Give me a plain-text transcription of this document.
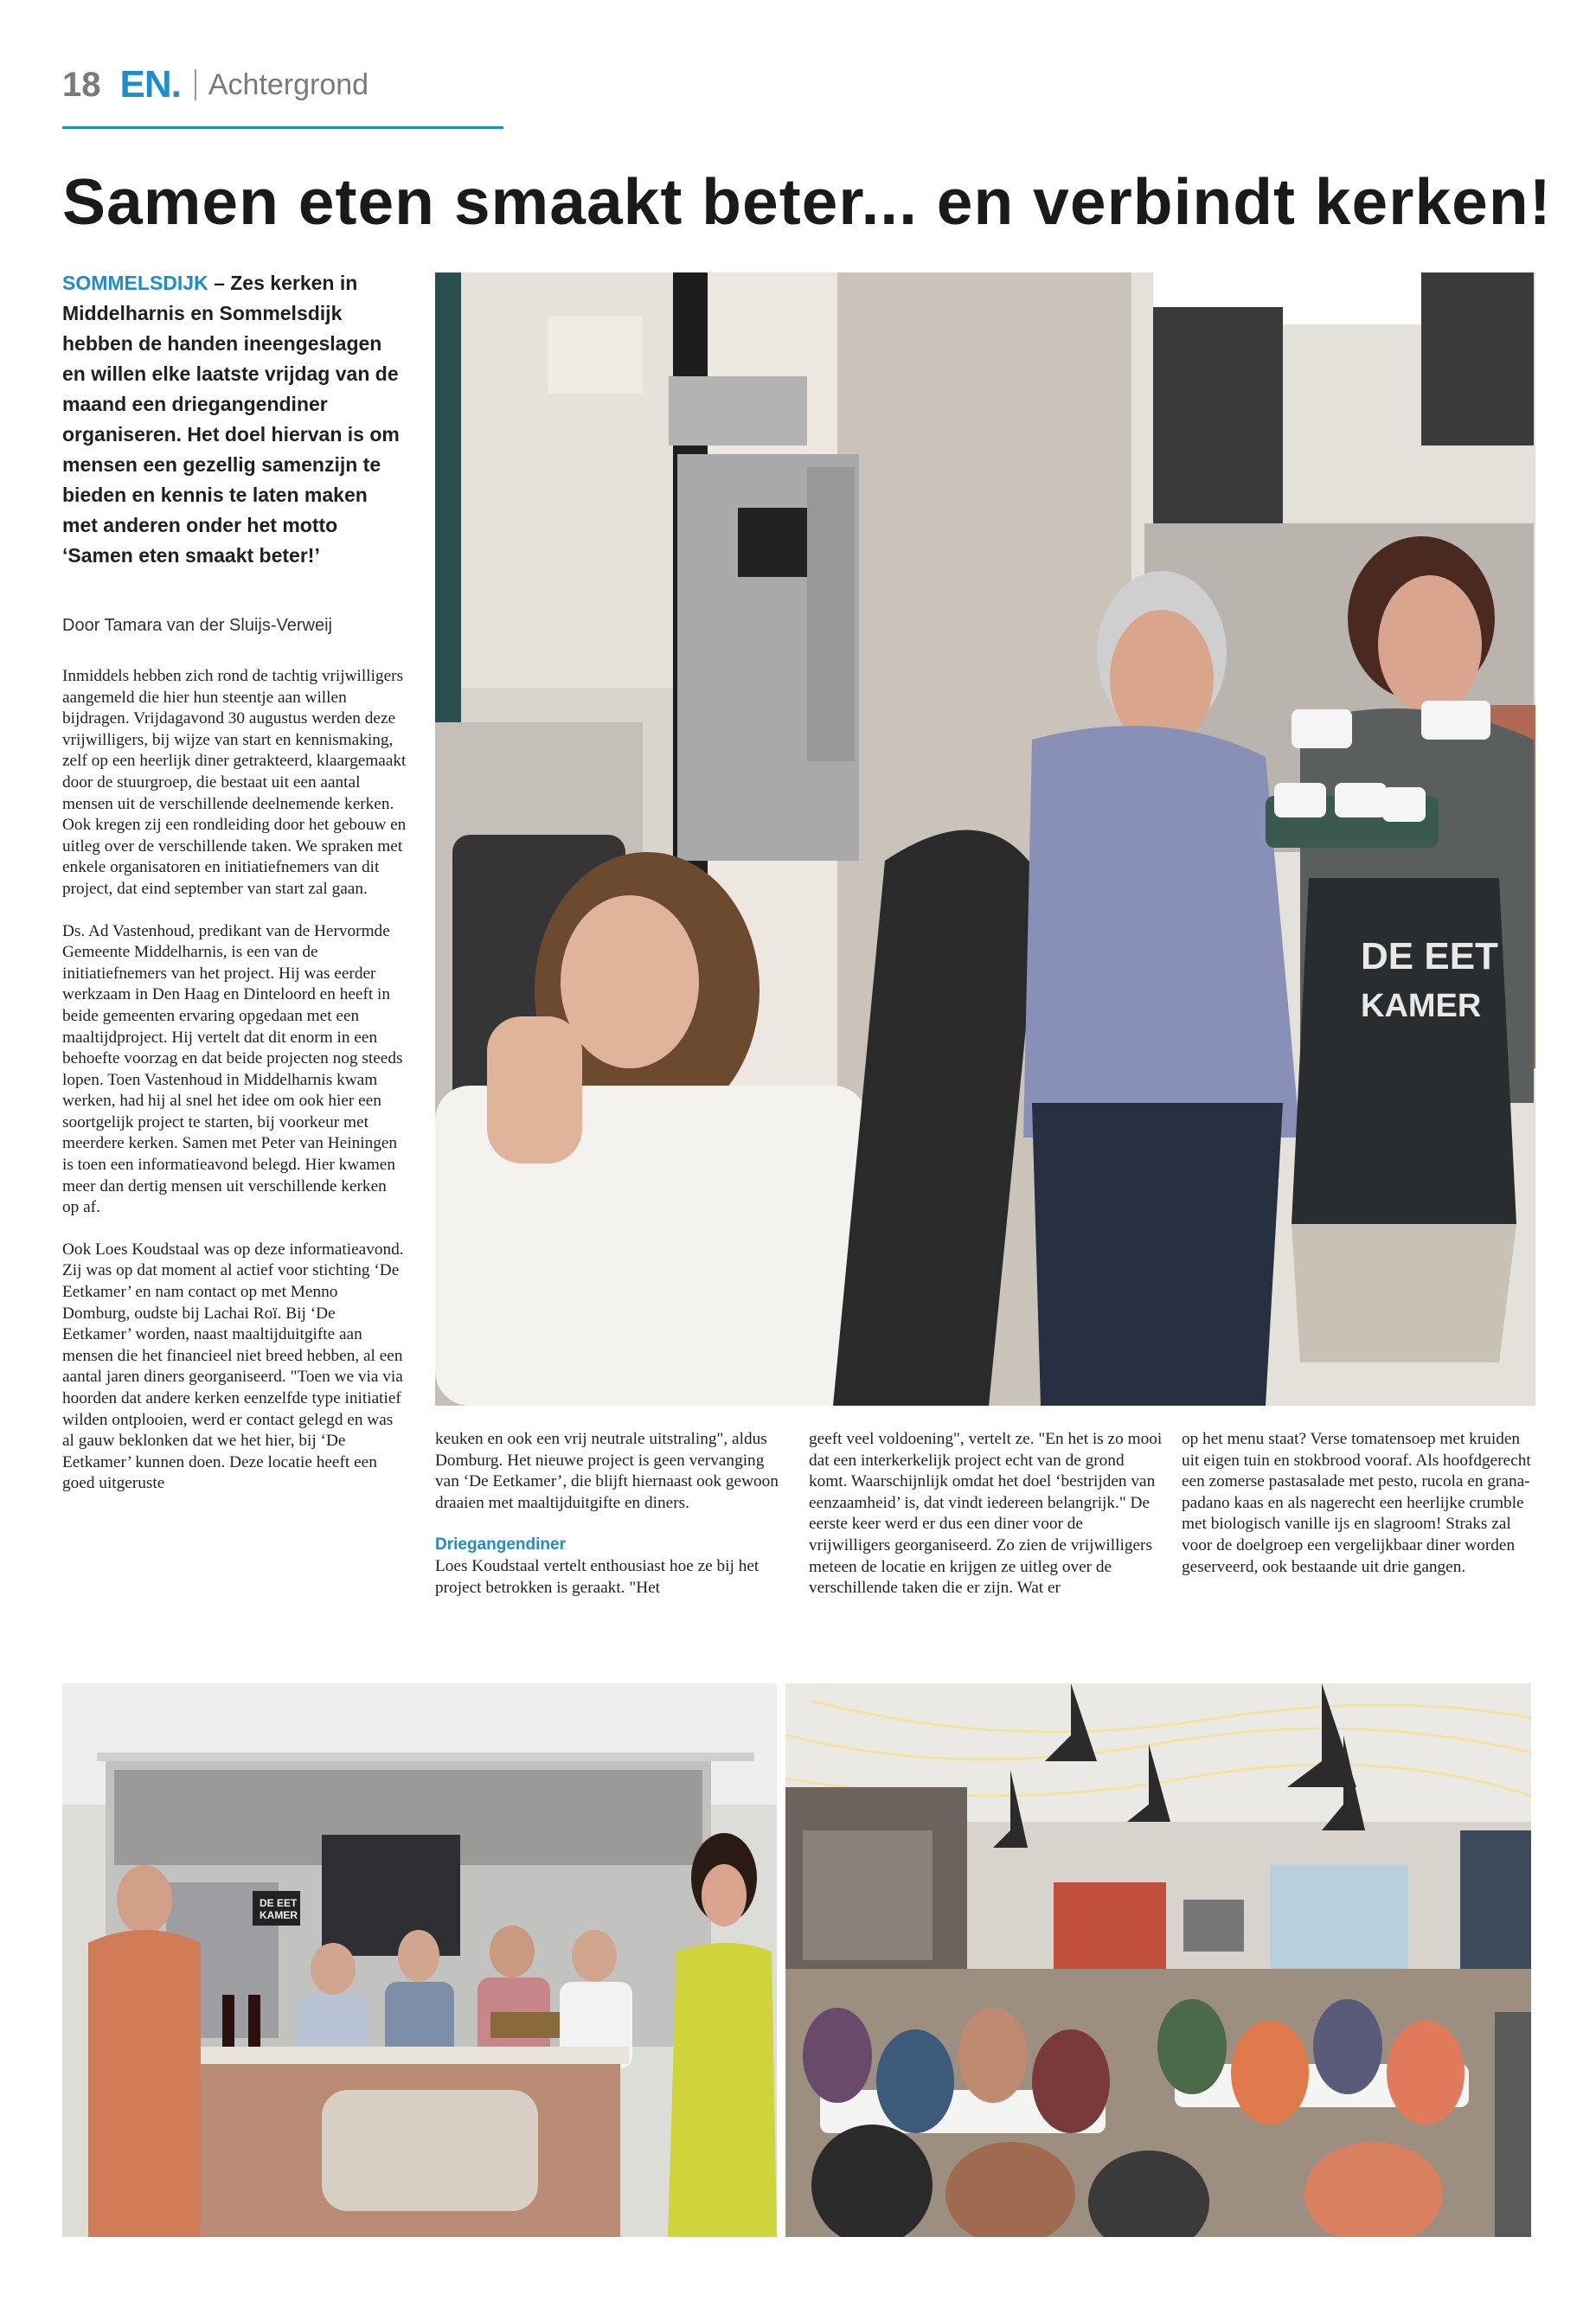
18 EN. Achtergrond
Samen eten smaakt beter... en verbindt kerken!
SOMMELSDIJK – Zes kerken in Middelharnis en Sommelsdijk hebben de handen ineengeslagen en willen elke laatste vrijdag van de maand een driegangendiner organiseren. Het doel hiervan is om mensen een gezellig samenzijn te bieden en kennis te laten maken met anderen onder het motto ‘Samen eten smaakt beter!’
Door Tamara van der Sluijs-Verweij

Inmiddels hebben zich rond de tachtig vrijwilligers aangemeld die hier hun steentje aan willen bijdragen. Vrijdagavond 30 augustus werden deze vrijwilligers, bij wijze van start en kennismaking, zelf op een heerlijk diner getrakteerd, klaargemaakt door de stuurgroep, die bestaat uit een aantal mensen uit de verschillende deelnemende kerken. Ook kregen zij een rondleiding door het gebouw en uitleg over de verschillende taken. We spraken met enkele organisatoren en initiatiefnemers van dit project, dat eind september van start zal gaan.

Ds. Ad Vastenhoud, predikant van de Hervormde Gemeente Middelharnis, is een van de initiatiefnemers van het project. Hij was eerder werkzaam in Den Haag en Dinteloord en heeft in beide gemeenten ervaring opgedaan met een maaltijdproject. Hij vertelt dat dit enorm in een behoefte voorzag en dat beide projecten nog steeds lopen. Toen Vastenhoud in Middelharnis kwam werken, had hij al snel het idee om ook hier een soortgelijk project te starten, bij voorkeur met meerdere kerken. Samen met Peter van Heiningen is toen een informatieavond belegd. Hier kwamen meer dan dertig mensen uit verschillende kerken op af.

Ook Loes Koudstaal was op deze informatieavond. Zij was op dat moment al actief voor stichting ‘De Eetkamer’ en nam contact op met Menno Domburg, oudste bij Lachai Roï. Bij ‘De Eetkamer’ worden, naast maaltijduitgifte aan mensen die het financieel niet breed hebben, al een aantal jaren diners georganiseerd. "Toen we via via hoorden dat andere kerken eenzelfde type initiatief wilden ontplooien, werd er contact gelegd en was al gauw beklonken dat we het hier, bij ‘De Eetkamer’ kunnen doen. Deze locatie heeft een goed uitgeruste

keuken en ook een vrij neutrale uitstraling", aldus Domburg. Het nieuwe project is geen vervanging van ‘De Eetkamer’, die blijft hiernaast ook gewoon draaien met maaltijduitgifte en diners.

Driegangendiner

Loes Koudstaal vertelt enthousiast hoe ze bij het project betrokken is geraakt. "Het

geeft veel voldoening", vertelt ze. "En het is zo mooi dat een interkerkelijk project echt van de grond komt. Waarschijnlijk omdat het doel ‘bestrijden van eenzaamheid’ is, dat vindt iedereen belangrijk." De eerste keer werd er dus een diner voor de vrijwilligers georganiseerd. Zo zien de vrijwilligers meteen de locatie en krijgen ze uitleg over de verschillende taken die er zijn. Wat er

op het menu staat? Verse tomatensoep met kruiden uit eigen tuin en stokbrood vooraf. Als hoofdgerecht een zomerse pastasalade met pesto, rucola en grana-padano kaas en als nagerecht een heerlijke crumble met biologisch vanille ijs en slagroom! Straks zal voor de doelgroep een vergelijkbaar diner worden geserveerd, ook bestaande uit drie gangen.

DE EET
KAMER
DE EET
KAMER
